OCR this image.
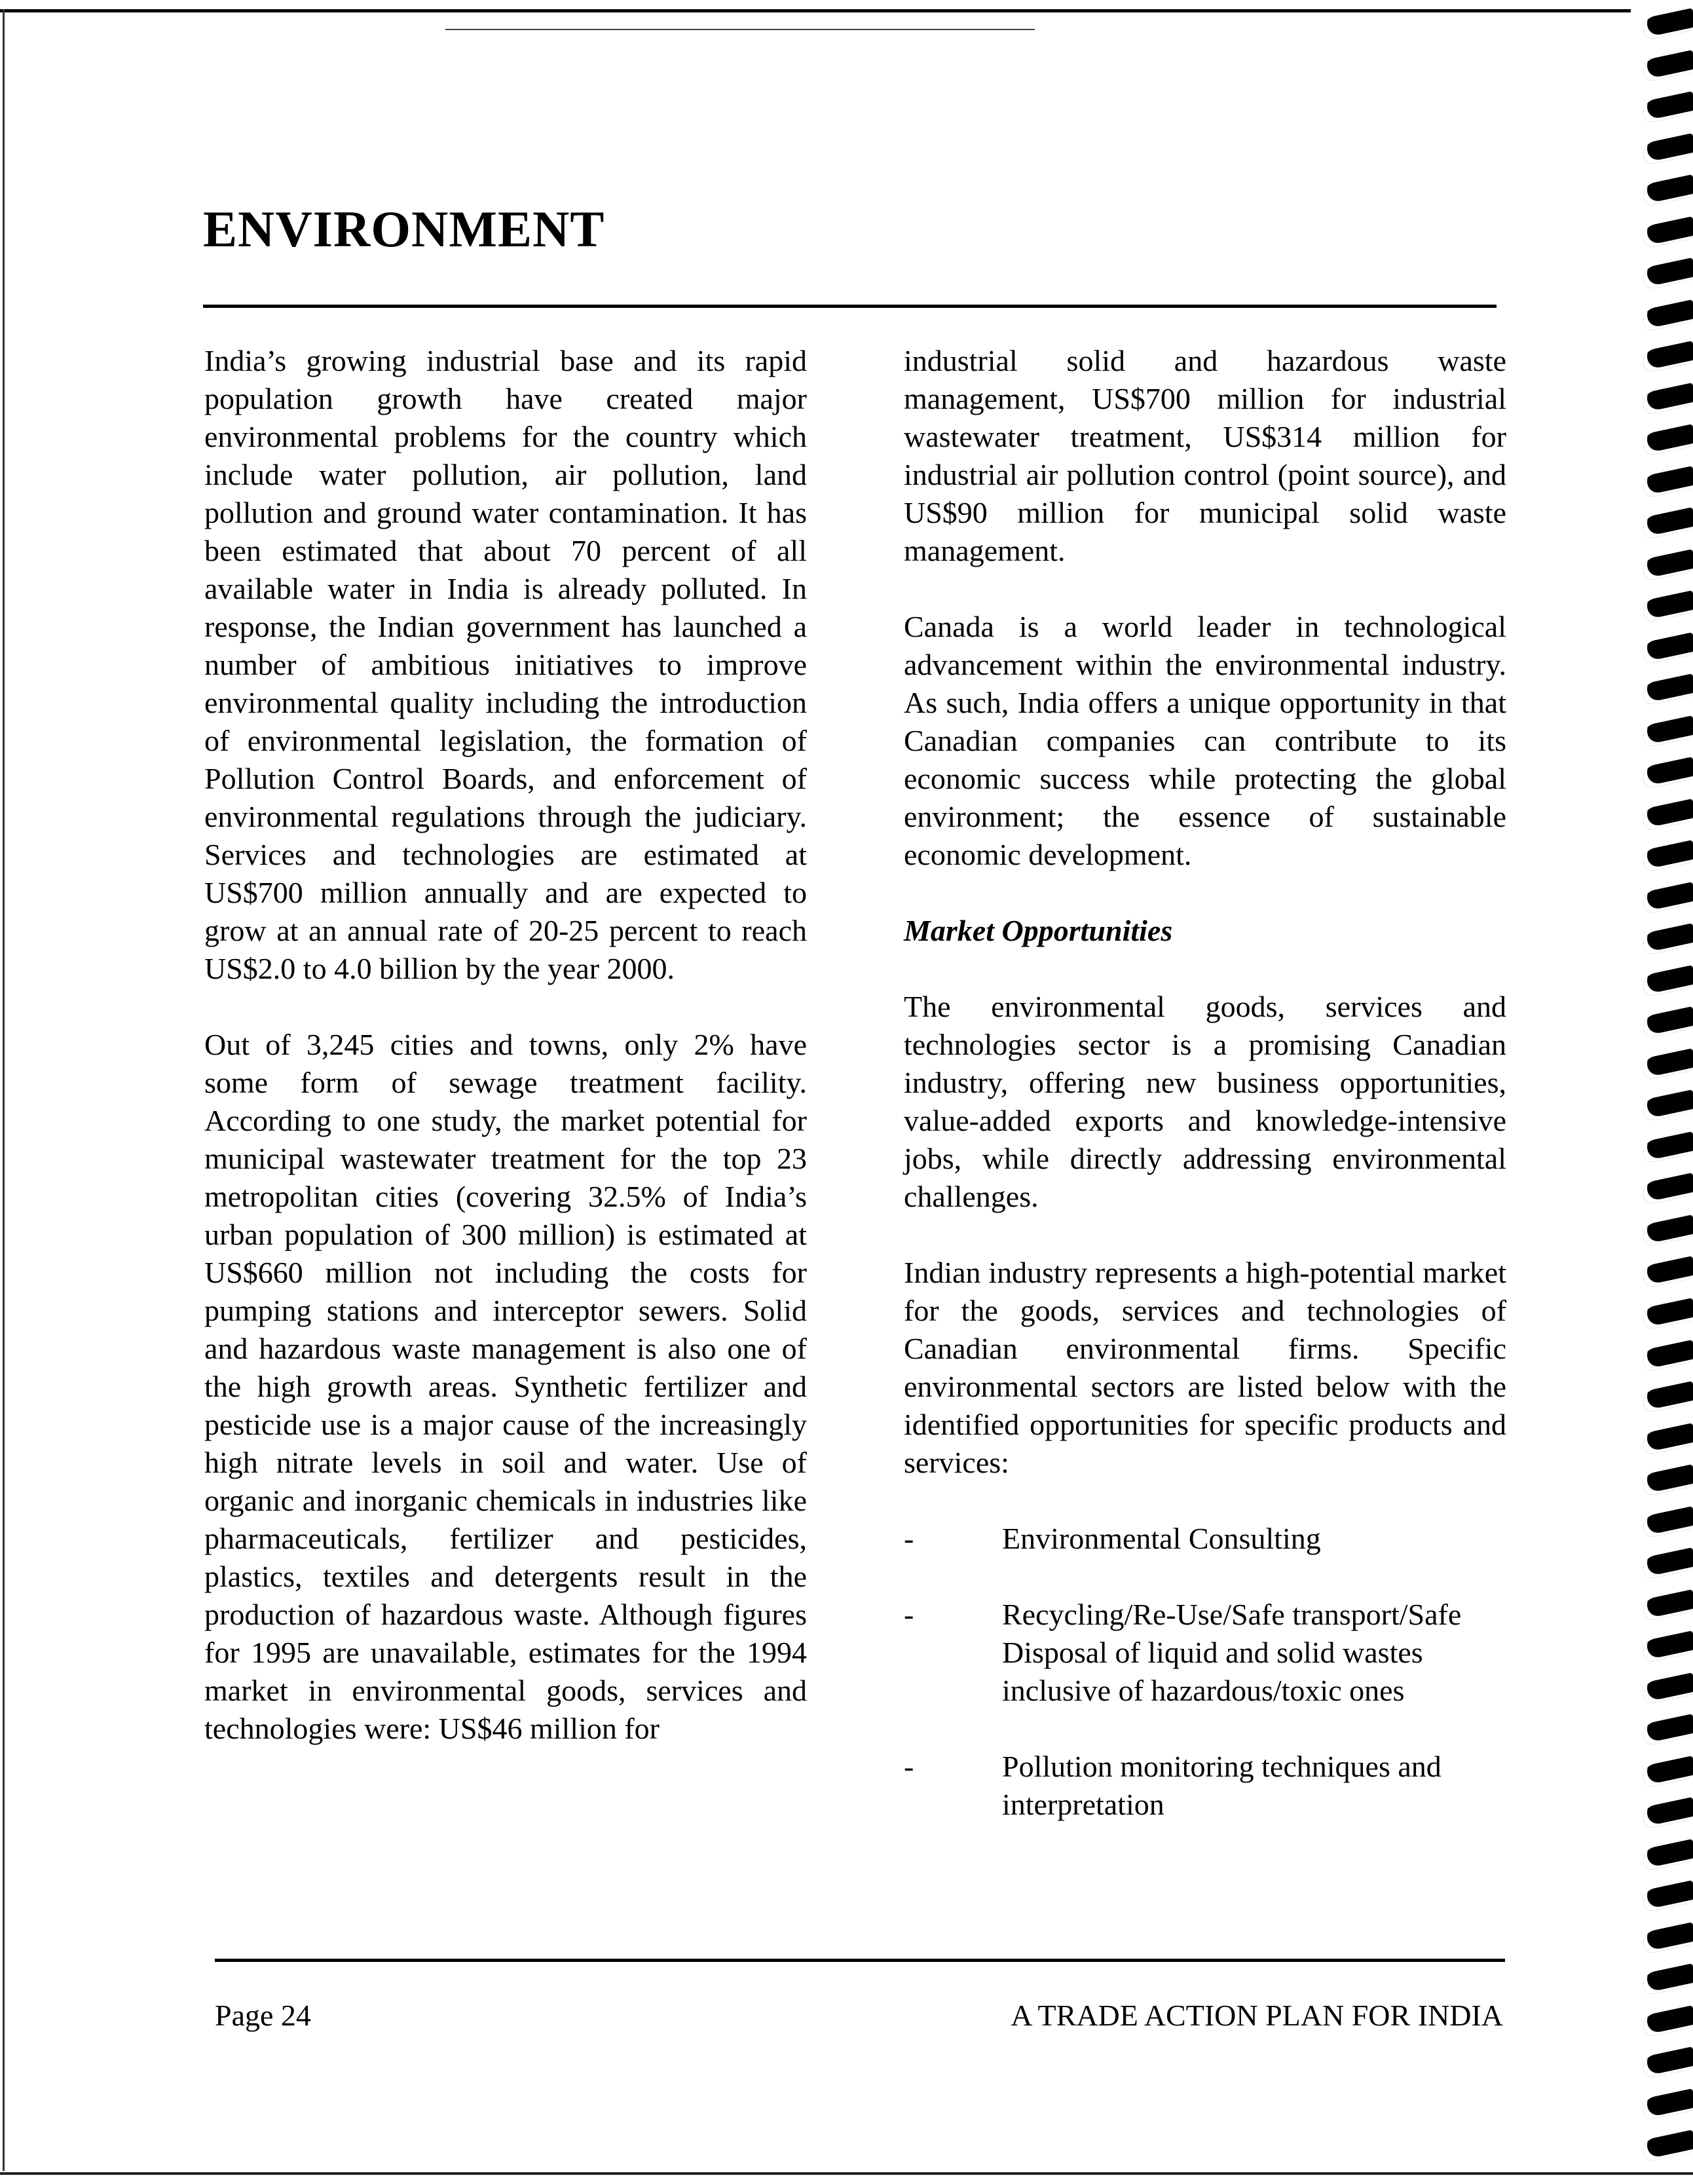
ENVIRONMENT

India’s growing industrial base and its rapid population growth have created major environmental problems for the country which include water pollution, air pollution, land pollution and ground water contamination. It has been estimated that about 70 percent of all available water in India is already polluted. In response, the Indian government has launched a number of ambitious initiatives to improve environmental quality including the introduction of environmental legislation, the formation of Pollution Control Boards, and enforcement of environmental regulations through the judiciary. Services and technologies are estimated at US$700 million annually and are expected to grow at an annual rate of 20-25 percent to reach US$2.0 to 4.0 billion by the year 2000.

Out of 3,245 cities and towns, only 2% have some form of sewage treatment facility. According to one study, the market potential for municipal wastewater treatment for the top 23 metropolitan cities (covering 32.5% of India’s urban population of 300 million) is estimated at US$660 million not including the costs for pumping stations and interceptor sewers. Solid and hazardous waste management is also one of the high growth areas. Synthetic fertilizer and pesticide use is a major cause of the increasingly high nitrate levels in soil and water. Use of organic and inorganic chemicals in industries like pharmaceuticals, fertilizer and pesticides, plastics, textiles and detergents result in the production of hazardous waste. Although figures for 1995 are unavailable, estimates for the 1994 market in environmental goods, services and technologies were: US$46 million for

industrial solid and hazardous waste management, US$700 million for industrial wastewater treatment, US$314 million for industrial air pollution control (point source), and US$90 million for municipal solid waste management.

Canada is a world leader in technological advancement within the environmental industry. As such, India offers a unique opportunity in that Canadian companies can contribute to its economic success while protecting the global environment; the essence of sustainable economic development.

Market Opportunities

The environmental goods, services and technologies sector is a promising Canadian industry, offering new business opportunities, value-added exports and knowledge-intensive jobs, while directly addressing environmental challenges.

Indian industry represents a high-potential market for the goods, services and technologies of Canadian environmental firms. Specific environmental sectors are listed below with the identified opportunities for specific products and services:

-	Environmental Consulting
-	Recycling/Re-Use/Safe transport/Safe Disposal of liquid and solid wastes inclusive of hazardous/toxic ones
-	Pollution monitoring techniques and interpretation
Page 24	A TRADE ACTION PLAN FOR INDIA
